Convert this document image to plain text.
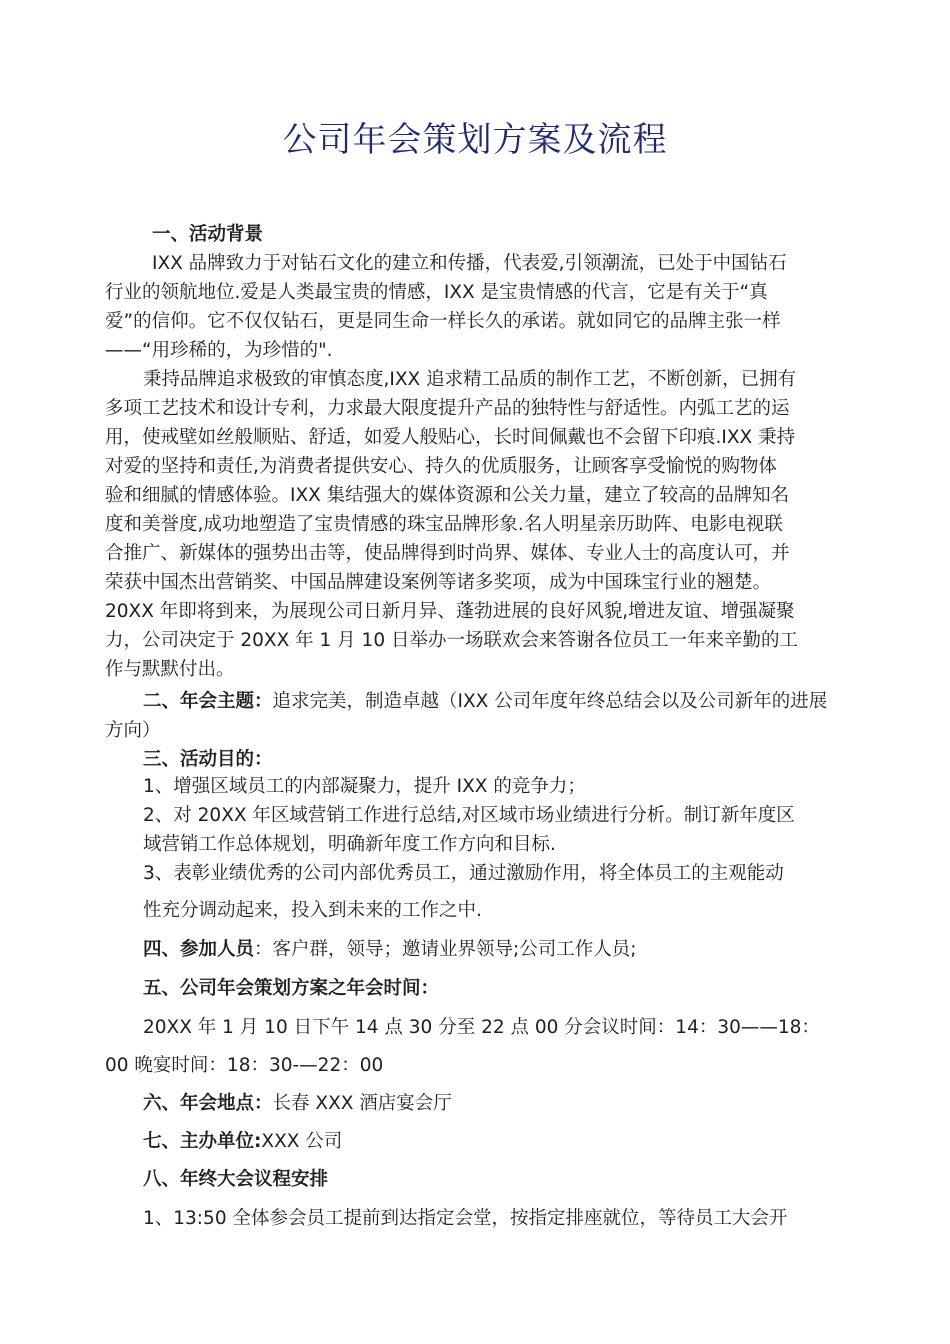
公司年会策划方案及流程
一、活动背景
IXX 品牌致力于对钻石文化的建立和传播，代表爱,引领潮流，已处于中国钻石
行业的领航地位.爱是人类最宝贵的情感，IXX 是宝贵情感的代言，它是有关于“真
爱”的信仰。它不仅仅钻石，更是同生命一样长久的承诺。就如同它的品牌主张一样
——“用珍稀的，为珍惜的".
秉持品牌追求极致的审慎态度,IXX 追求精工品质的制作工艺，不断创新，已拥有
多项工艺技术和设计专利，力求最大限度提升产品的独特性与舒适性。内弧工艺的运
用，使戒壁如丝般顺贴、舒适，如爱人般贴心，长时间佩戴也不会留下印痕.IXX 秉持
对爱的坚持和责任,为消费者提供安心、持久的优质服务，让顾客享受愉悦的购物体
验和细腻的情感体验。IXX 集结强大的媒体资源和公关力量，建立了较高的品牌知名
度和美誉度,成功地塑造了宝贵情感的珠宝品牌形象.名人明星亲历助阵、电影电视联
合推广、新媒体的强势出击等，使品牌得到时尚界、媒体、专业人士的高度认可，并
荣获中国杰出营销奖、中国品牌建设案例等诸多奖项，成为中国珠宝行业的翘楚。
20XX 年即将到来，为展现公司日新月异、蓬勃进展的良好风貌,增进友谊、增强凝聚
力，公司决定于 20XX 年 1 月 10 日举办一场联欢会来答谢各位员工一年来辛勤的工
作与默默付出。
二、年会主题：追求完美，制造卓越（IXX 公司年度年终总结会以及公司新年的进展
方向）
三、活动目的：
1、增强区域员工的内部凝聚力，提升 IXX 的竞争力；
2、对 20XX 年区域营销工作进行总结,对区域市场业绩进行分析。制订新年度区
域营销工作总体规划，明确新年度工作方向和目标.
3、表彰业绩优秀的公司内部优秀员工，通过激励作用，将全体员工的主观能动
性充分调动起来，投入到未来的工作之中.
四、参加人员：客户群，领导；邀请业界领导;公司工作人员;
五、公司年会策划方案之年会时间：
20XX 年 1 月 10 日下午 14 点 30 分至 22 点 00 分会议时间：14：30——18：
00 晚宴时间：18：30-—22：00
六、年会地点：长春 XXX 酒店宴会厅
七、主办单位:XXX 公司
八、年终大会议程安排
1、13:50 全体参会员工提前到达指定会堂，按指定排座就位，等待员工大会开
